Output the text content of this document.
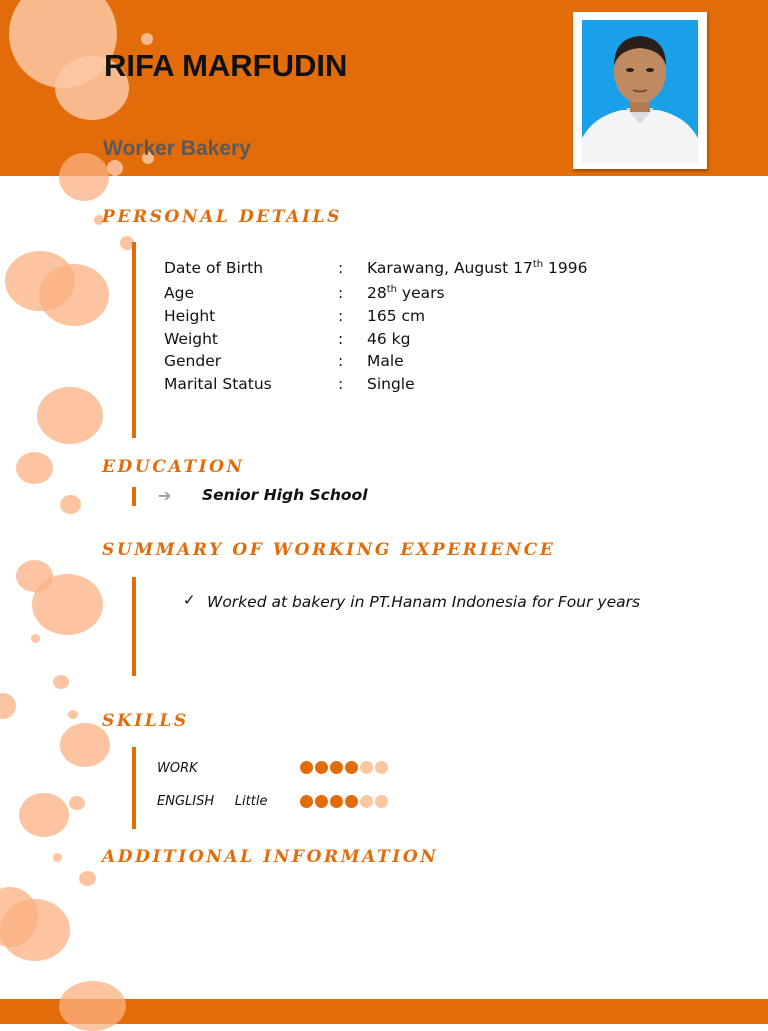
RIFA MARFUDIN
Worker Bakery
PERSONAL DETAILS
Date of Birth	: Karawang, August 17th 1996
Age	: 28th years
Height	: 165 cm
Weight	: 46 kg
Gender	: Male
Marital Status	: Single
EDUCATION
➔ Senior High School
SUMMARY OF WORKING EXPERIENCE
✓ Worked at bakery in PT.Hanam Indonesia for Four years
SKILLS
WORK
ENGLISH     Little
ADDITIONAL INFORMATION
